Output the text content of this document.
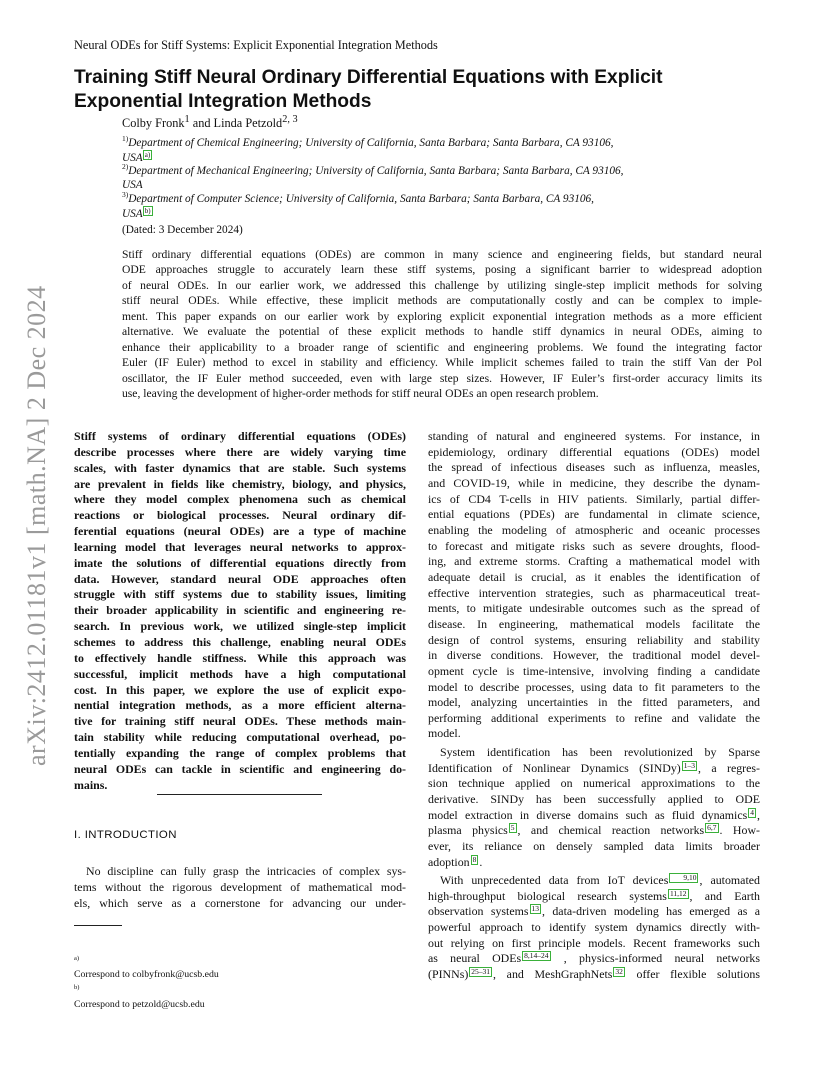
Neural ODEs for Stiff Systems: Explicit Exponential Integration Methods
arXiv:2412.01181v1 [math.NA] 2 Dec 2024
Training Stiff Neural Ordinary Differential Equations with Explicit
Exponential Integration Methods
Colby Fronk$^1$ and Linda Petzold$^{2, 3}$
$^{1)}$Department of Chemical Engineering; University of California, Santa Barbara; Santa Barbara, CA 93106,
USA a)
$^{2)}$Department of Mechanical Engineering; University of California, Santa Barbara; Santa Barbara, CA 93106,
USA
$^{3)}$Department of Computer Science; University of California, Santa Barbara; Santa Barbara, CA 93106,
USA b)
(Dated: 3 December 2024)
Stiff ordinary differential equations (ODEs) are common in many science and engineering fields, but standard neural
ODE approaches struggle to accurately learn these stiff systems, posing a significant barrier to widespread adoption
of neural ODEs. In our earlier work, we addressed this challenge by utilizing single-step implicit methods for solving
stiff neural ODEs. While effective, these implicit methods are computationally costly and can be complex to imple-
ment. This paper expands on our earlier work by exploring explicit exponential integration methods as a more efficient
alternative. We evaluate the potential of these explicit methods to handle stiff dynamics in neural ODEs, aiming to
enhance their applicability to a broader range of scientific and engineering problems. We found the integrating factor
Euler (IF Euler) method to excel in stability and efficiency. While implicit schemes failed to train the stiff Van der Pol
oscillator, the IF Euler method succeeded, even with large step sizes. However, IF Euler’s first-order accuracy limits its
use, leaving the development of higher-order methods for stiff neural ODEs an open research problem.
Stiff systems of ordinary differential equations (ODEs)
describe processes where there are widely varying time
scales, with faster dynamics that are stable. Such systems
are prevalent in fields like chemistry, biology, and physics,
where they model complex phenomena such as chemical
reactions or biological processes. Neural ordinary dif-
ferential equations (neural ODEs) are a type of machine
learning model that leverages neural networks to approx-
imate the solutions of differential equations directly from
data. However, standard neural ODE approaches often
struggle with stiff systems due to stability issues, limiting
their broader applicability in scientific and engineering re-
search. In previous work, we utilized single-step implicit
schemes to address this challenge, enabling neural ODEs
to effectively handle stiffness. While this approach was
successful, implicit methods have a high computational
cost. In this paper, we explore the use of explicit expo-
nential integration methods, as a more efficient alterna-
tive for training stiff neural ODEs. These methods main-
tain stability while reducing computational overhead, po-
tentially expanding the range of complex problems that
neural ODEs can tackle in scientific and engineering do-
mains.
I. INTRODUCTION
No discipline can fully grasp the intricacies of complex sys-
tems without the rigorous development of mathematical mod-
els, which serve as a cornerstone for advancing our under-
$^{a)}$
Correspond to colbyfronk@ucsb.edu
$^{b)}$
Correspond to petzold@ucsb.edu
standing of natural and engineered systems. For instance, in
epidemiology, ordinary differential equations (ODEs) model
the spread of infectious diseases such as influenza, measles,
and COVID-19, while in medicine, they describe the dynam-
ics of CD4 T-cells in HIV patients. Similarly, partial differ-
ential equations (PDEs) are fundamental in climate science,
enabling the modeling of atmospheric and oceanic processes
to forecast and mitigate risks such as severe droughts, flood-
ing, and extreme storms. Crafting a mathematical model with
adequate detail is crucial, as it enables the identification of
effective intervention strategies, such as pharmaceutical treat-
ments, to mitigate undesirable outcomes such as the spread of
disease. In engineering, mathematical models facilitate the
design of control systems, ensuring reliability and stability
in diverse conditions. However, the traditional model devel-
opment cycle is time-intensive, involving finding a candidate
model to describe processes, using data to fit parameters to the
model, analyzing uncertainties in the fitted parameters, and
performing additional experiments to refine and validate the
model.
System identification has been revolutionized by Sparse
Identification of Nonlinear Dynamics (SINDy) 1–3 , a regres-
sion technique applied on numerical approximations to the
derivative. SINDy has been successfully applied to ODE
model extraction in diverse domains such as fluid dynamics 4 ,
plasma physics 5 , and chemical reaction networks 6,7 . How-
ever, its reliance on densely sampled data limits broader
adoption 8 .
With unprecedented data from IoT devices 9,10 , automated
high-throughput biological research systems 11,12 , and Earth
observation systems 13 , data-driven modeling has emerged as a
powerful approach to identify system dynamics directly with-
out relying on first principle models. Recent frameworks such
as neural ODEs 8,14–24 , physics-informed neural networks
(PINNs) 25–31 , and MeshGraphNets 32 offer flexible solutions
